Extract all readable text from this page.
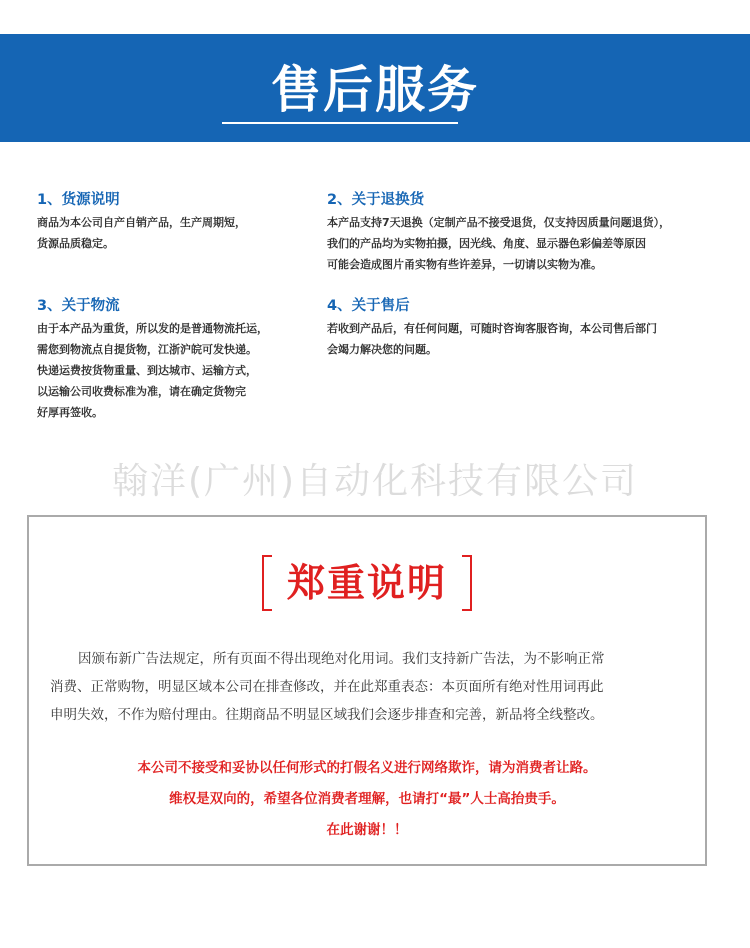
售后服务
1、货源说明
商品为本公司自产自销产品，生产周期短，
货源品质稳定。
2、关于退换货
本产品支持7天退换（定制产品不接受退货，仅支持因质量问题退货），
我们的产品均为实物拍摄，因光线、角度、显示器色彩偏差等原因
可能会造成图片甬实物有些许差异，一切请以实物为准。
3、关于物流
由于本产品为重货，所以发的是普通物流托运，
需您到物流点自提货物，江浙沪皖可发快递。
快递运费按货物重量、到达城市、运输方式，
以运输公司收费标准为准，请在确定货物完
好厚再签收。
4、关于售后
若收到产品后，有任何问题，可随时咨询客服咨询，本公司售后部门
会竭力解决您的问题。
翰洋(广州)自动化科技有限公司
郑重说明
因颁布新广告法规定，所有页面不得出现绝对化用词。我们支持新广告法，为不影响正常
消费、正常购物，明显区域本公司在排查修改，并在此郑重表态：本页面所有绝对性用词再此
申明失效，不作为赔付理由。往期商品不明显区域我们会逐步排查和完善，新品将全线整改。
本公司不接受和妥协以任何形式的打假名义进行网络欺诈，请为消费者让路。
维权是双向的，希望各位消费者理解，也请打“最”人士高抬贵手。
在此谢谢！！
